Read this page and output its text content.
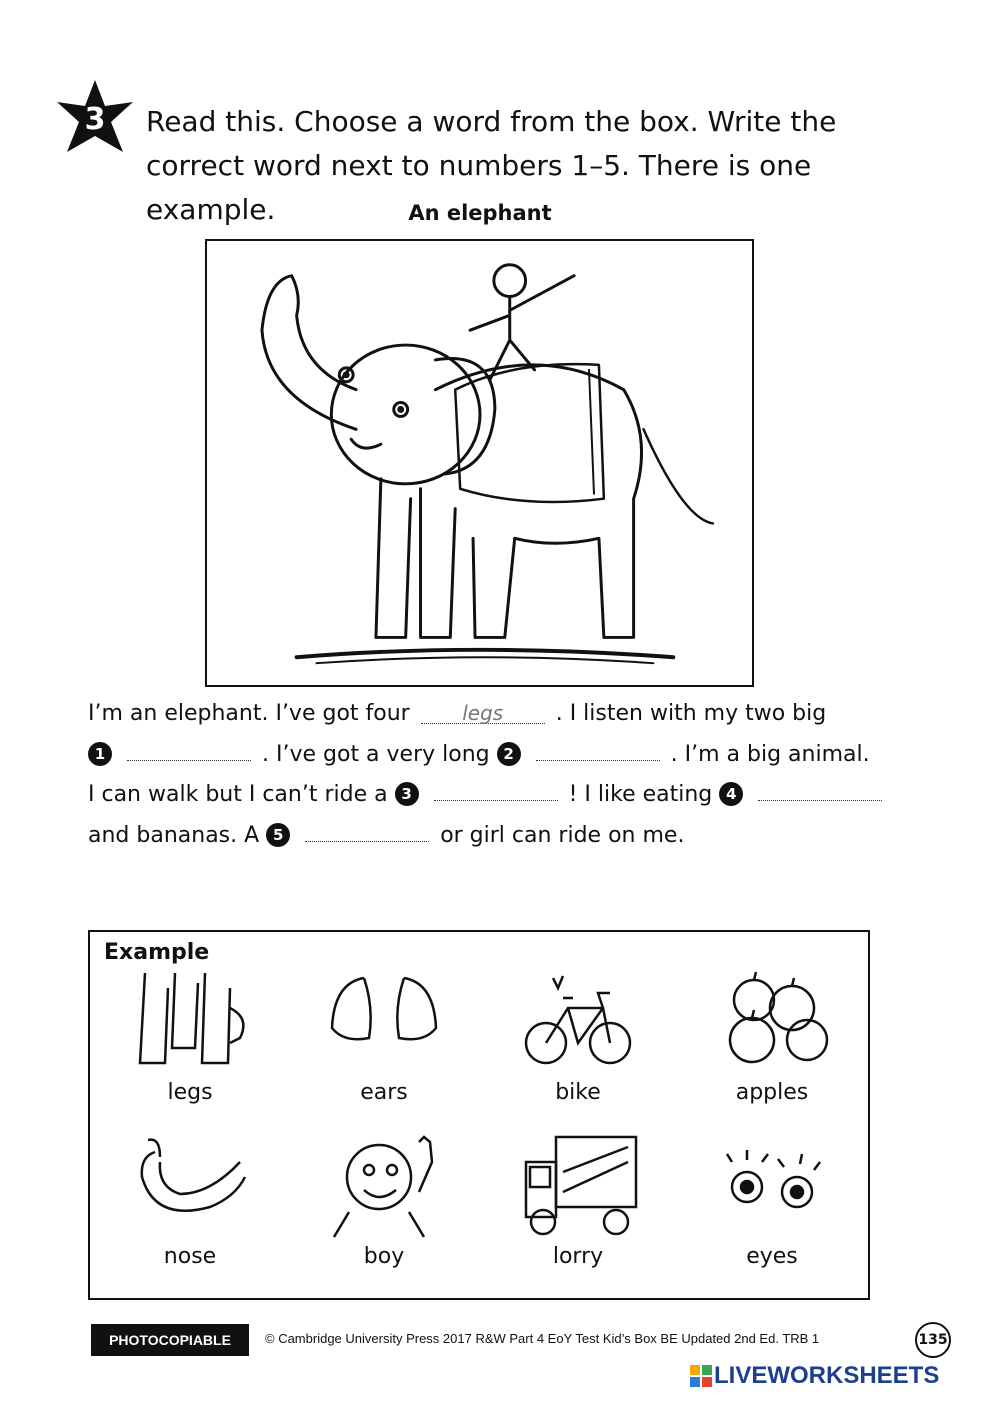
3	Read this. Choose a word from the box. Write the
correct word next to numbers 1–5. There is one example.	An elephant
I’m an elephant. I’ve got four	legs . I listen with my two big
1	. I’ve got a very long 2	. I’m a big animal.
I can walk but I can’t ride a 3	! I like eating 4
and bananas. A 5	or girl can ride on me.
Example
legs	ears	bike	apples
nose	boy	lorry	eyes
PHOTOCOPIABLE	© Cambridge University Press 2017 R&W Part 4 EoY Test Kid’s Box BE Updated 2nd Ed. TRB 1	135
LIVEWORKSHEETS
